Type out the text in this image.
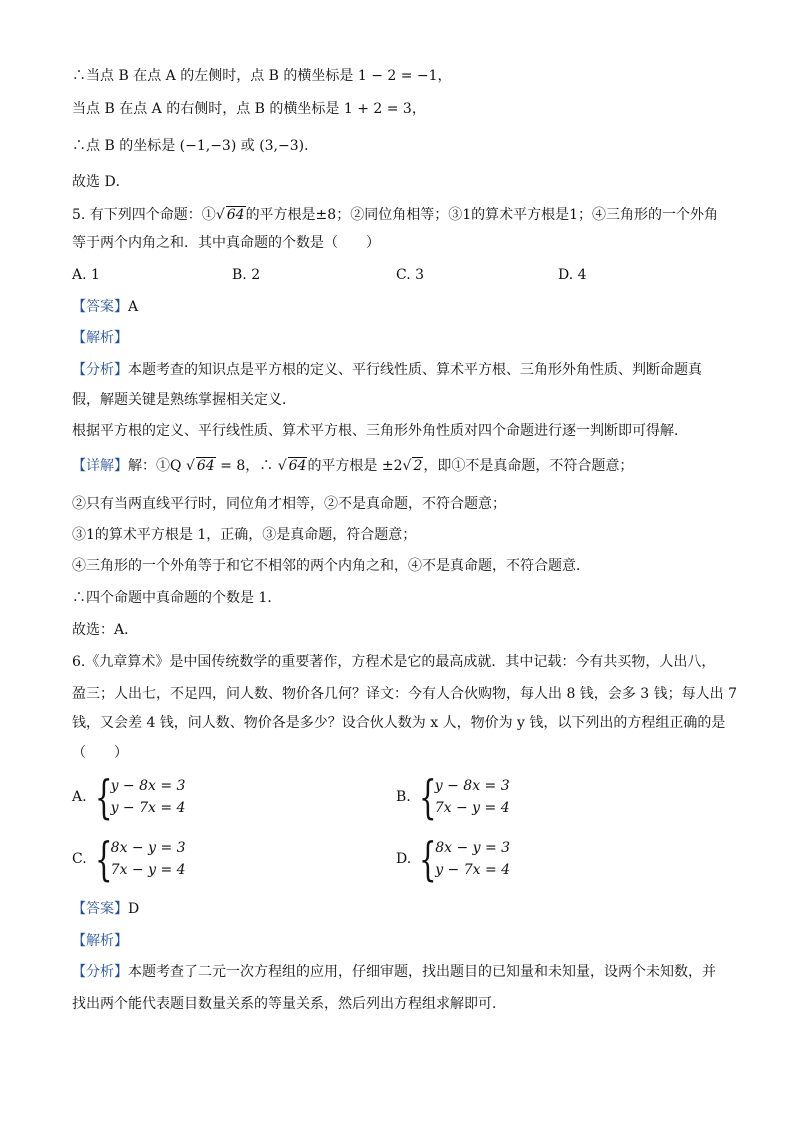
∴当点 B 在点 A 的左侧时，点 B 的横坐标是 1 − 2 = −1，
当点 B 在点 A 的右侧时，点 B 的横坐标是 1 + 2 = 3，
∴点 B 的坐标是 (−1,−3) 或 (3,−3)．
故选 D．
5. 有下列四个命题：①√ 64的平方根是±8；②同位角相等；③1的算术平方根是1；④三角形的一个外角
等于两个内角之和．其中真命题的个数是（　　）
A. 1	B. 2	C. 3	D. 4
【答案】A
【解析】
【分析】本题考查的知识点是平方根的定义、平行线性质、算术平方根、三角形外角性质、判断命题真
假，解题关键是熟练掌握相关定义．
根据平方根的定义、平行线性质、算术平方根、三角形外角性质对四个命题进行逐一判断即可得解．
【详解】解：①Q √ 64 = 8，∴ √ 64的平方根是 ±2√ 2，即①不是真命题，不符合题意；
②只有当两直线平行时，同位角才相等，②不是真命题，不符合题意；
③1的算术平方根是 1，正确，③是真命题，符合题意；
④三角形的一个外角等于和它不相邻的两个内角之和，④不是真命题，不符合题意．
∴四个命题中真命题的个数是 1．
故选：A．
6.《九章算术》是中国传统数学的重要著作，方程术是它的最高成就．其中记载：今有共买物，人出八，
盈三；人出七，不足四，问人数、物价各几何？译文：今有人合伙购物，每人出 8 钱，会多 3 钱；每人出 7
钱，又会差 4 钱，问人数、物价各是多少？设合伙人数为 x 人，物价为 y 钱，以下列出的方程组正确的是
（　　）
A. {
y − 8x = 3
y − 7x = 4
B. {
y − 8x = 3
7x − y = 4
C. {
8x − y = 3
7x − y = 4
D. {
8x − y = 3
y − 7x = 4
【答案】D
【解析】
【分析】本题考查了二元一次方程组的应用，仔细审题，找出题目的已知量和未知量，设两个未知数，并
找出两个能代表题目数量关系的等量关系，然后列出方程组求解即可．
